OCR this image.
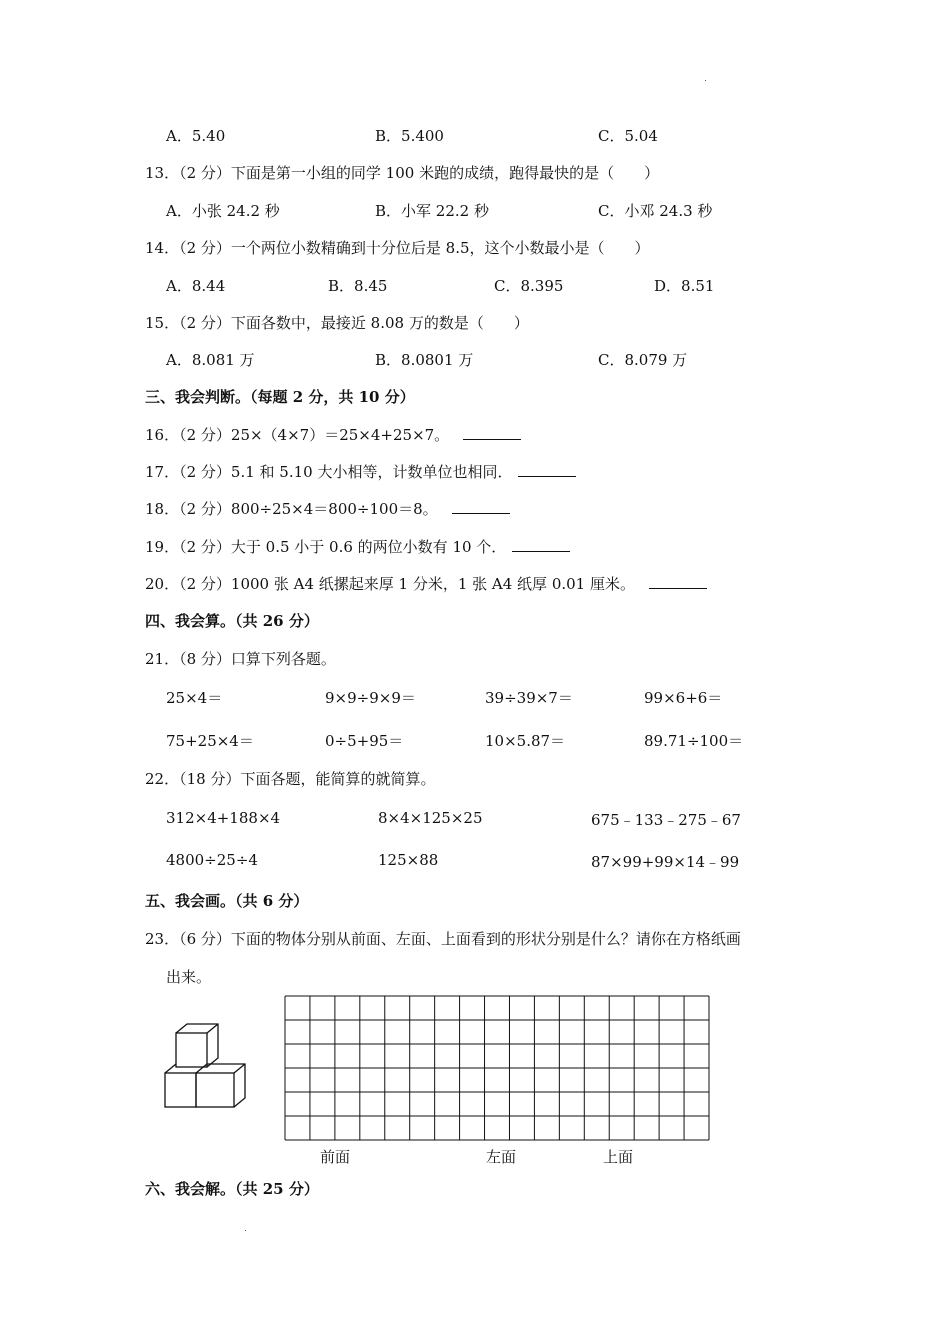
A．5.40	B．5.400	C．5.04
13．（2 分）下面是第一小组的同学 100 米跑的成绩，跑得最快的是（　　）
A．小张 24.2 秒	B．小军 22.2 秒	C．小邓 24.3 秒
14．（2 分）一个两位小数精确到十分位后是 8.5，这个小数最小是（　　）
A．8.44	B．8.45	C．8.395	D．8.51
15．（2 分）下面各数中，最接近 8.08 万的数是（　　）
A．8.081 万	B．8.0801 万	C．8.079 万
三、我会判断。（每题 2 分，共 10 分）
16．（2 分）25×（4×7）＝25×4+25×7。
17．（2 分）5.1 和 5.10 大小相等，计数单位也相同．
18．（2 分）800÷25×4＝800÷100＝8。
19．（2 分）大于 0.5 小于 0.6 的两位小数有 10 个．
20．（2 分）1000 张 A4 纸摞起来厚 1 分米，1 张 A4 纸厚 0.01 厘米。
四、我会算。（共 26 分）
21．（8 分）口算下列各题。
25×4＝	9×9÷9×9＝	39÷39×7＝	99×6+6＝
75+25×4＝	0÷5+95＝	10×5.87＝	89.71÷100＝
22．（18 分）下面各题，能简算的就简算。
312×4+188×4	8×4×125×25	675﹣133﹣275﹣67
4800÷25÷4	125×88	87×99+99×14﹣99
五、我会画。（共 6 分）
23．（6 分）下面的物体分别从前面、左面、上面看到的形状分别是什么？请你在方格纸画
出来。
前面	左面	上面
六、我会解。（共 25 分）
